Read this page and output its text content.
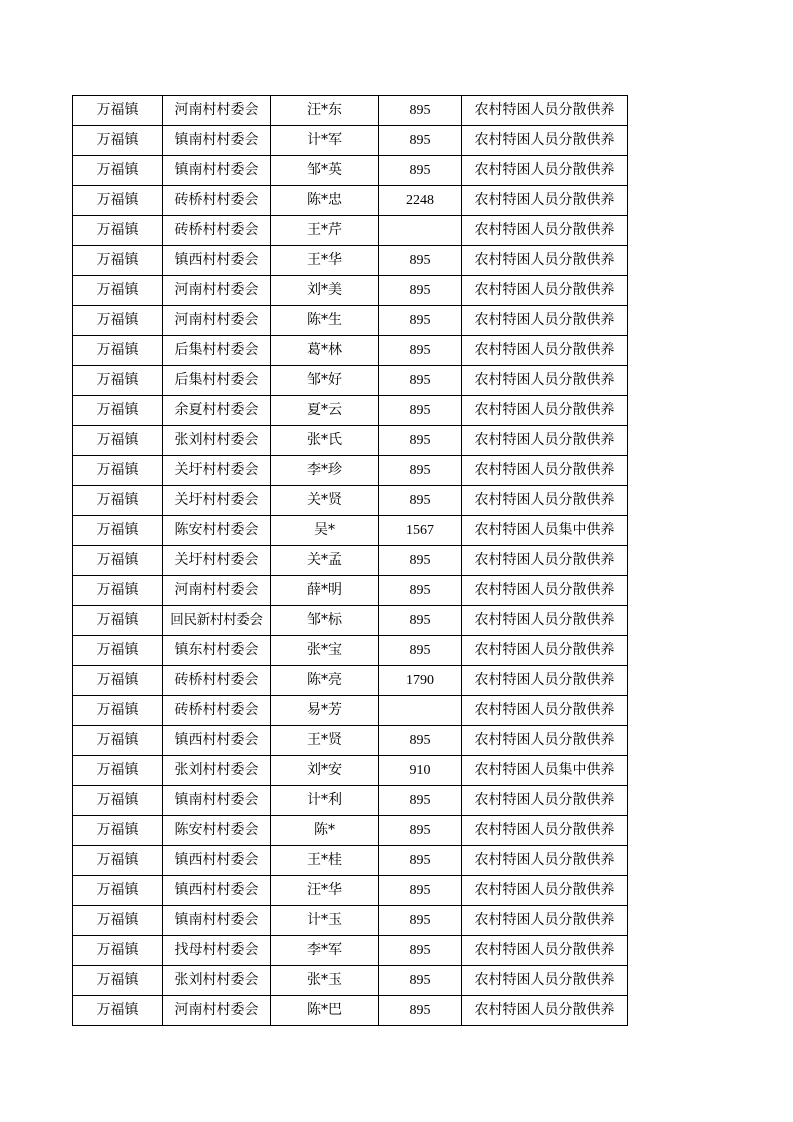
万福镇	河南村村委会	汪*东	895	农村特困人员分散供养
万福镇	镇南村村委会	计*军	895	农村特困人员分散供养
万福镇	镇南村村委会	邹*英	895	农村特困人员分散供养
万福镇	砖桥村村委会	陈*忠	2248	农村特困人员分散供养
万福镇	砖桥村村委会	王*芹		农村特困人员分散供养
万福镇	镇西村村委会	王*华	895	农村特困人员分散供养
万福镇	河南村村委会	刘*美	895	农村特困人员分散供养
万福镇	河南村村委会	陈*生	895	农村特困人员分散供养
万福镇	后集村村委会	葛*林	895	农村特困人员分散供养
万福镇	后集村村委会	邹*好	895	农村特困人员分散供养
万福镇	余夏村村委会	夏*云	895	农村特困人员分散供养
万福镇	张刘村村委会	张*氏	895	农村特困人员分散供养
万福镇	关圩村村委会	李*珍	895	农村特困人员分散供养
万福镇	关圩村村委会	关*贤	895	农村特困人员分散供养
万福镇	陈安村村委会	吴*	1567	农村特困人员集中供养
万福镇	关圩村村委会	关*孟	895	农村特困人员分散供养
万福镇	河南村村委会	薛*明	895	农村特困人员分散供养
万福镇	回民新村村委会	邹*标	895	农村特困人员分散供养
万福镇	镇东村村委会	张*宝	895	农村特困人员分散供养
万福镇	砖桥村村委会	陈*亮	1790	农村特困人员分散供养
万福镇	砖桥村村委会	易*芳		农村特困人员分散供养
万福镇	镇西村村委会	王*贤	895	农村特困人员分散供养
万福镇	张刘村村委会	刘*安	910	农村特困人员集中供养
万福镇	镇南村村委会	计*利	895	农村特困人员分散供养
万福镇	陈安村村委会	陈*	895	农村特困人员分散供养
万福镇	镇西村村委会	王*桂	895	农村特困人员分散供养
万福镇	镇西村村委会	汪*华	895	农村特困人员分散供养
万福镇	镇南村村委会	计*玉	895	农村特困人员分散供养
万福镇	找母村村委会	李*军	895	农村特困人员分散供养
万福镇	张刘村村委会	张*玉	895	农村特困人员分散供养
万福镇	河南村村委会	陈*巴	895	农村特困人员分散供养
